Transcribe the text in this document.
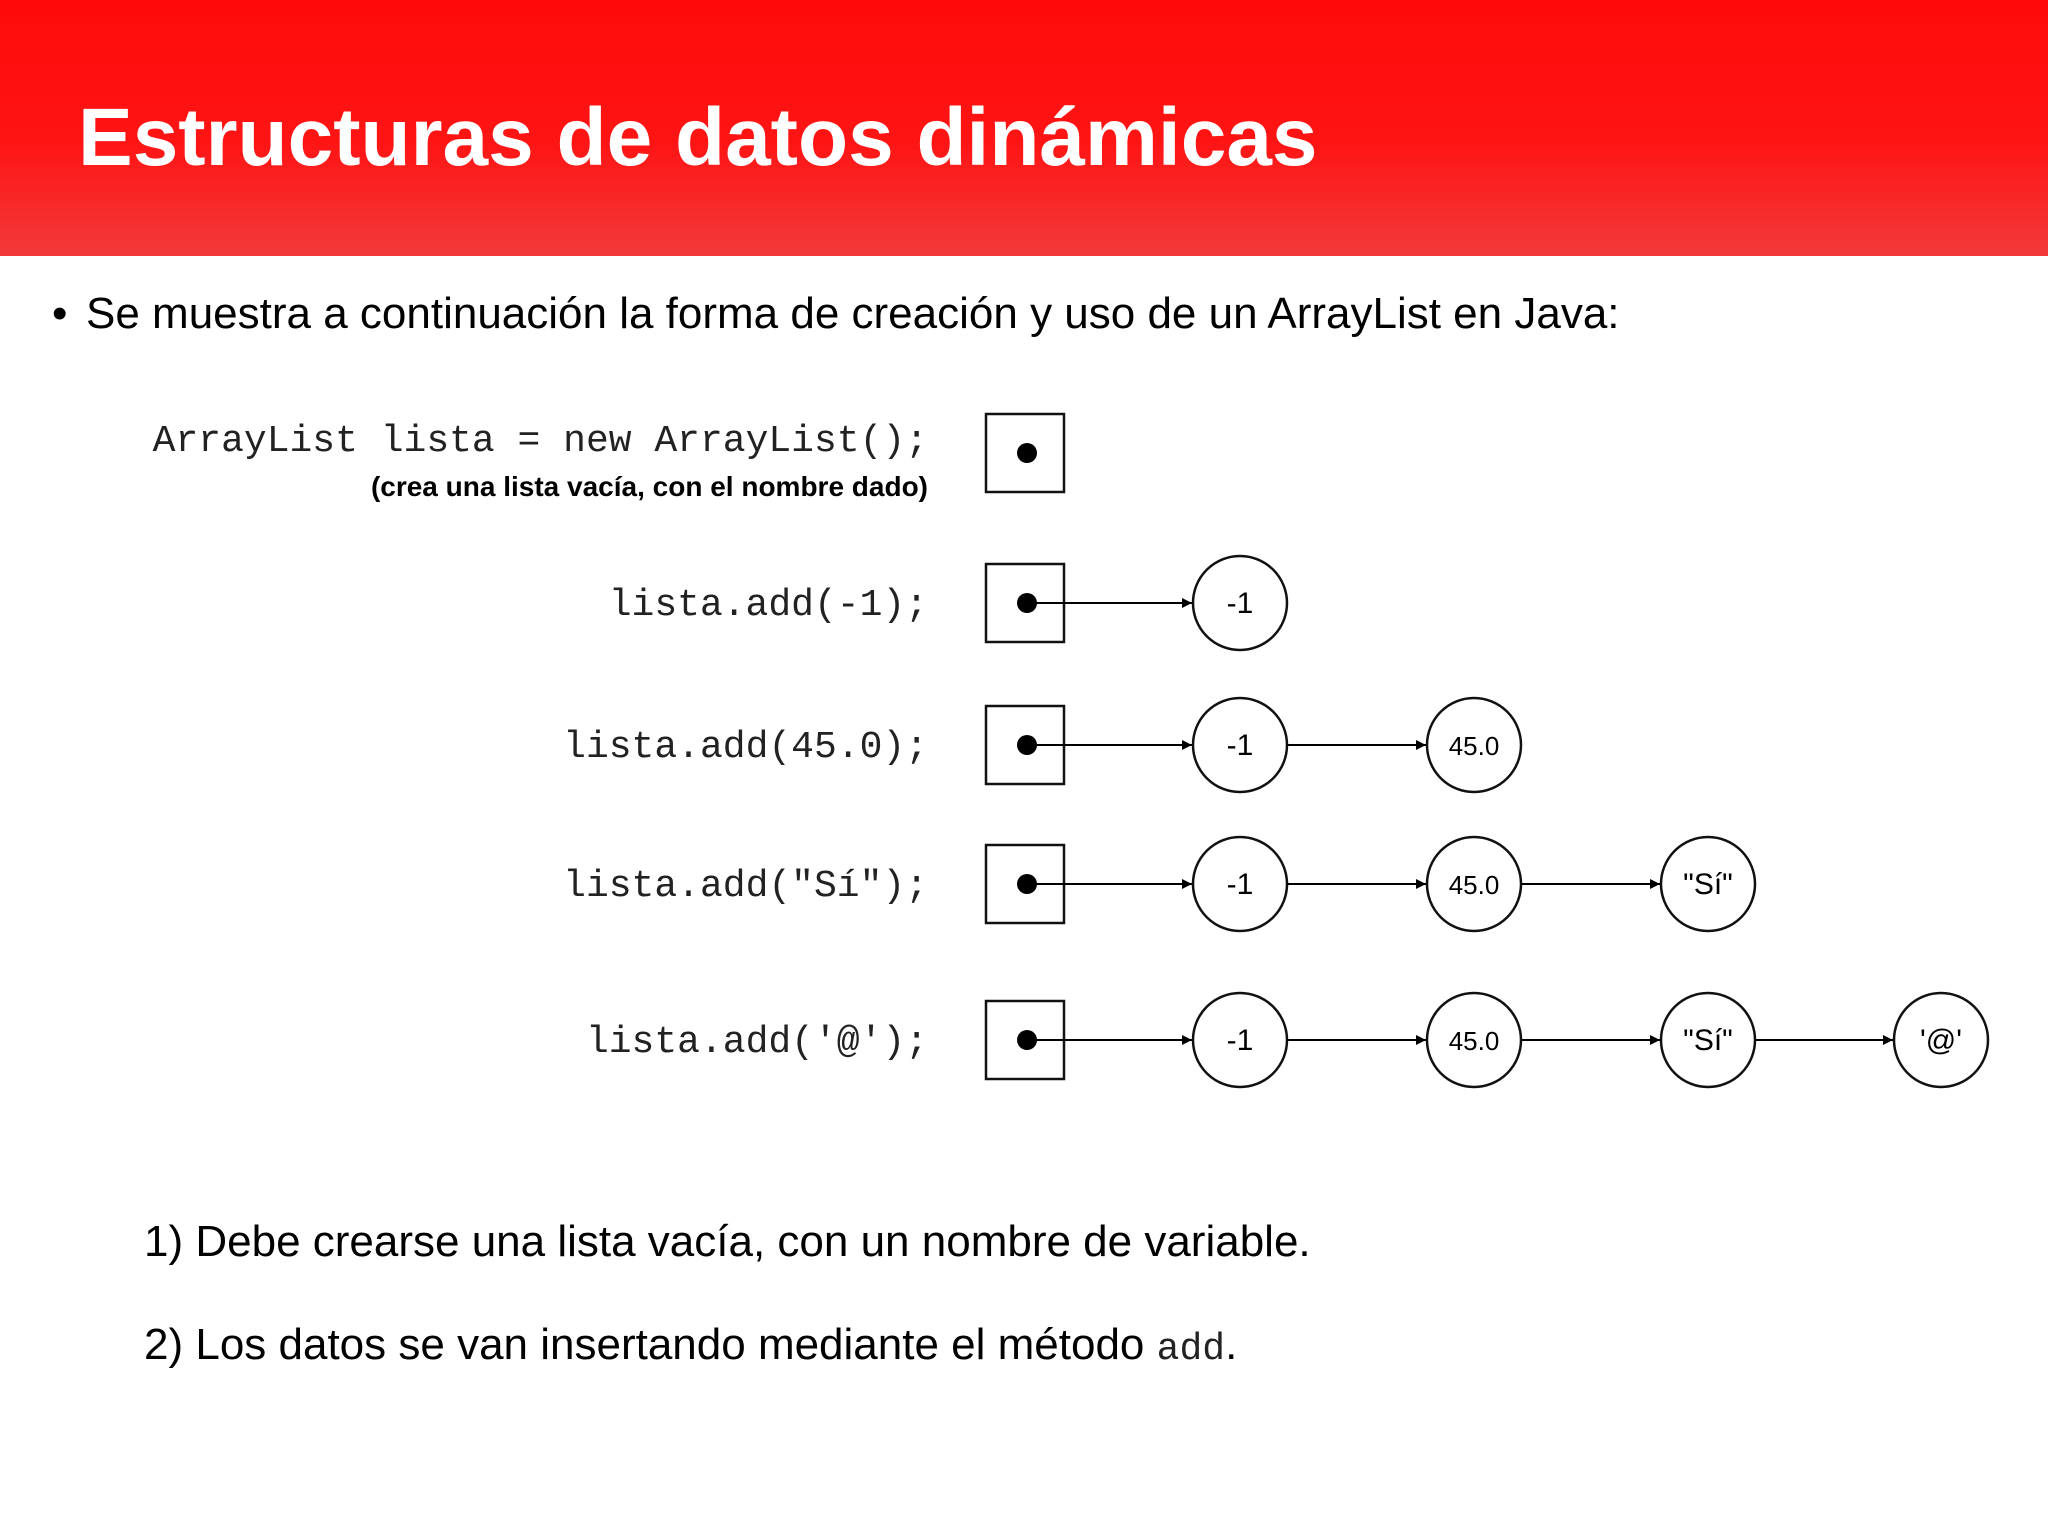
Estructuras de datos dinámicas
• Se muestra a continuación la forma de creación y uso de un ArrayList en Java:
ArrayList lista = new ArrayList();
(crea una lista vacía, con el nombre dado)
lista.add(-1);	-1
lista.add(45.0);	-1	45.0
lista.add("Sí");	-1	45.0	"Sí"
lista.add('@');	-1	45.0	"Sí"	'@'
1) Debe crearse una lista vacía, con un nombre de variable.
2) Los datos se van insertando mediante el método add.
